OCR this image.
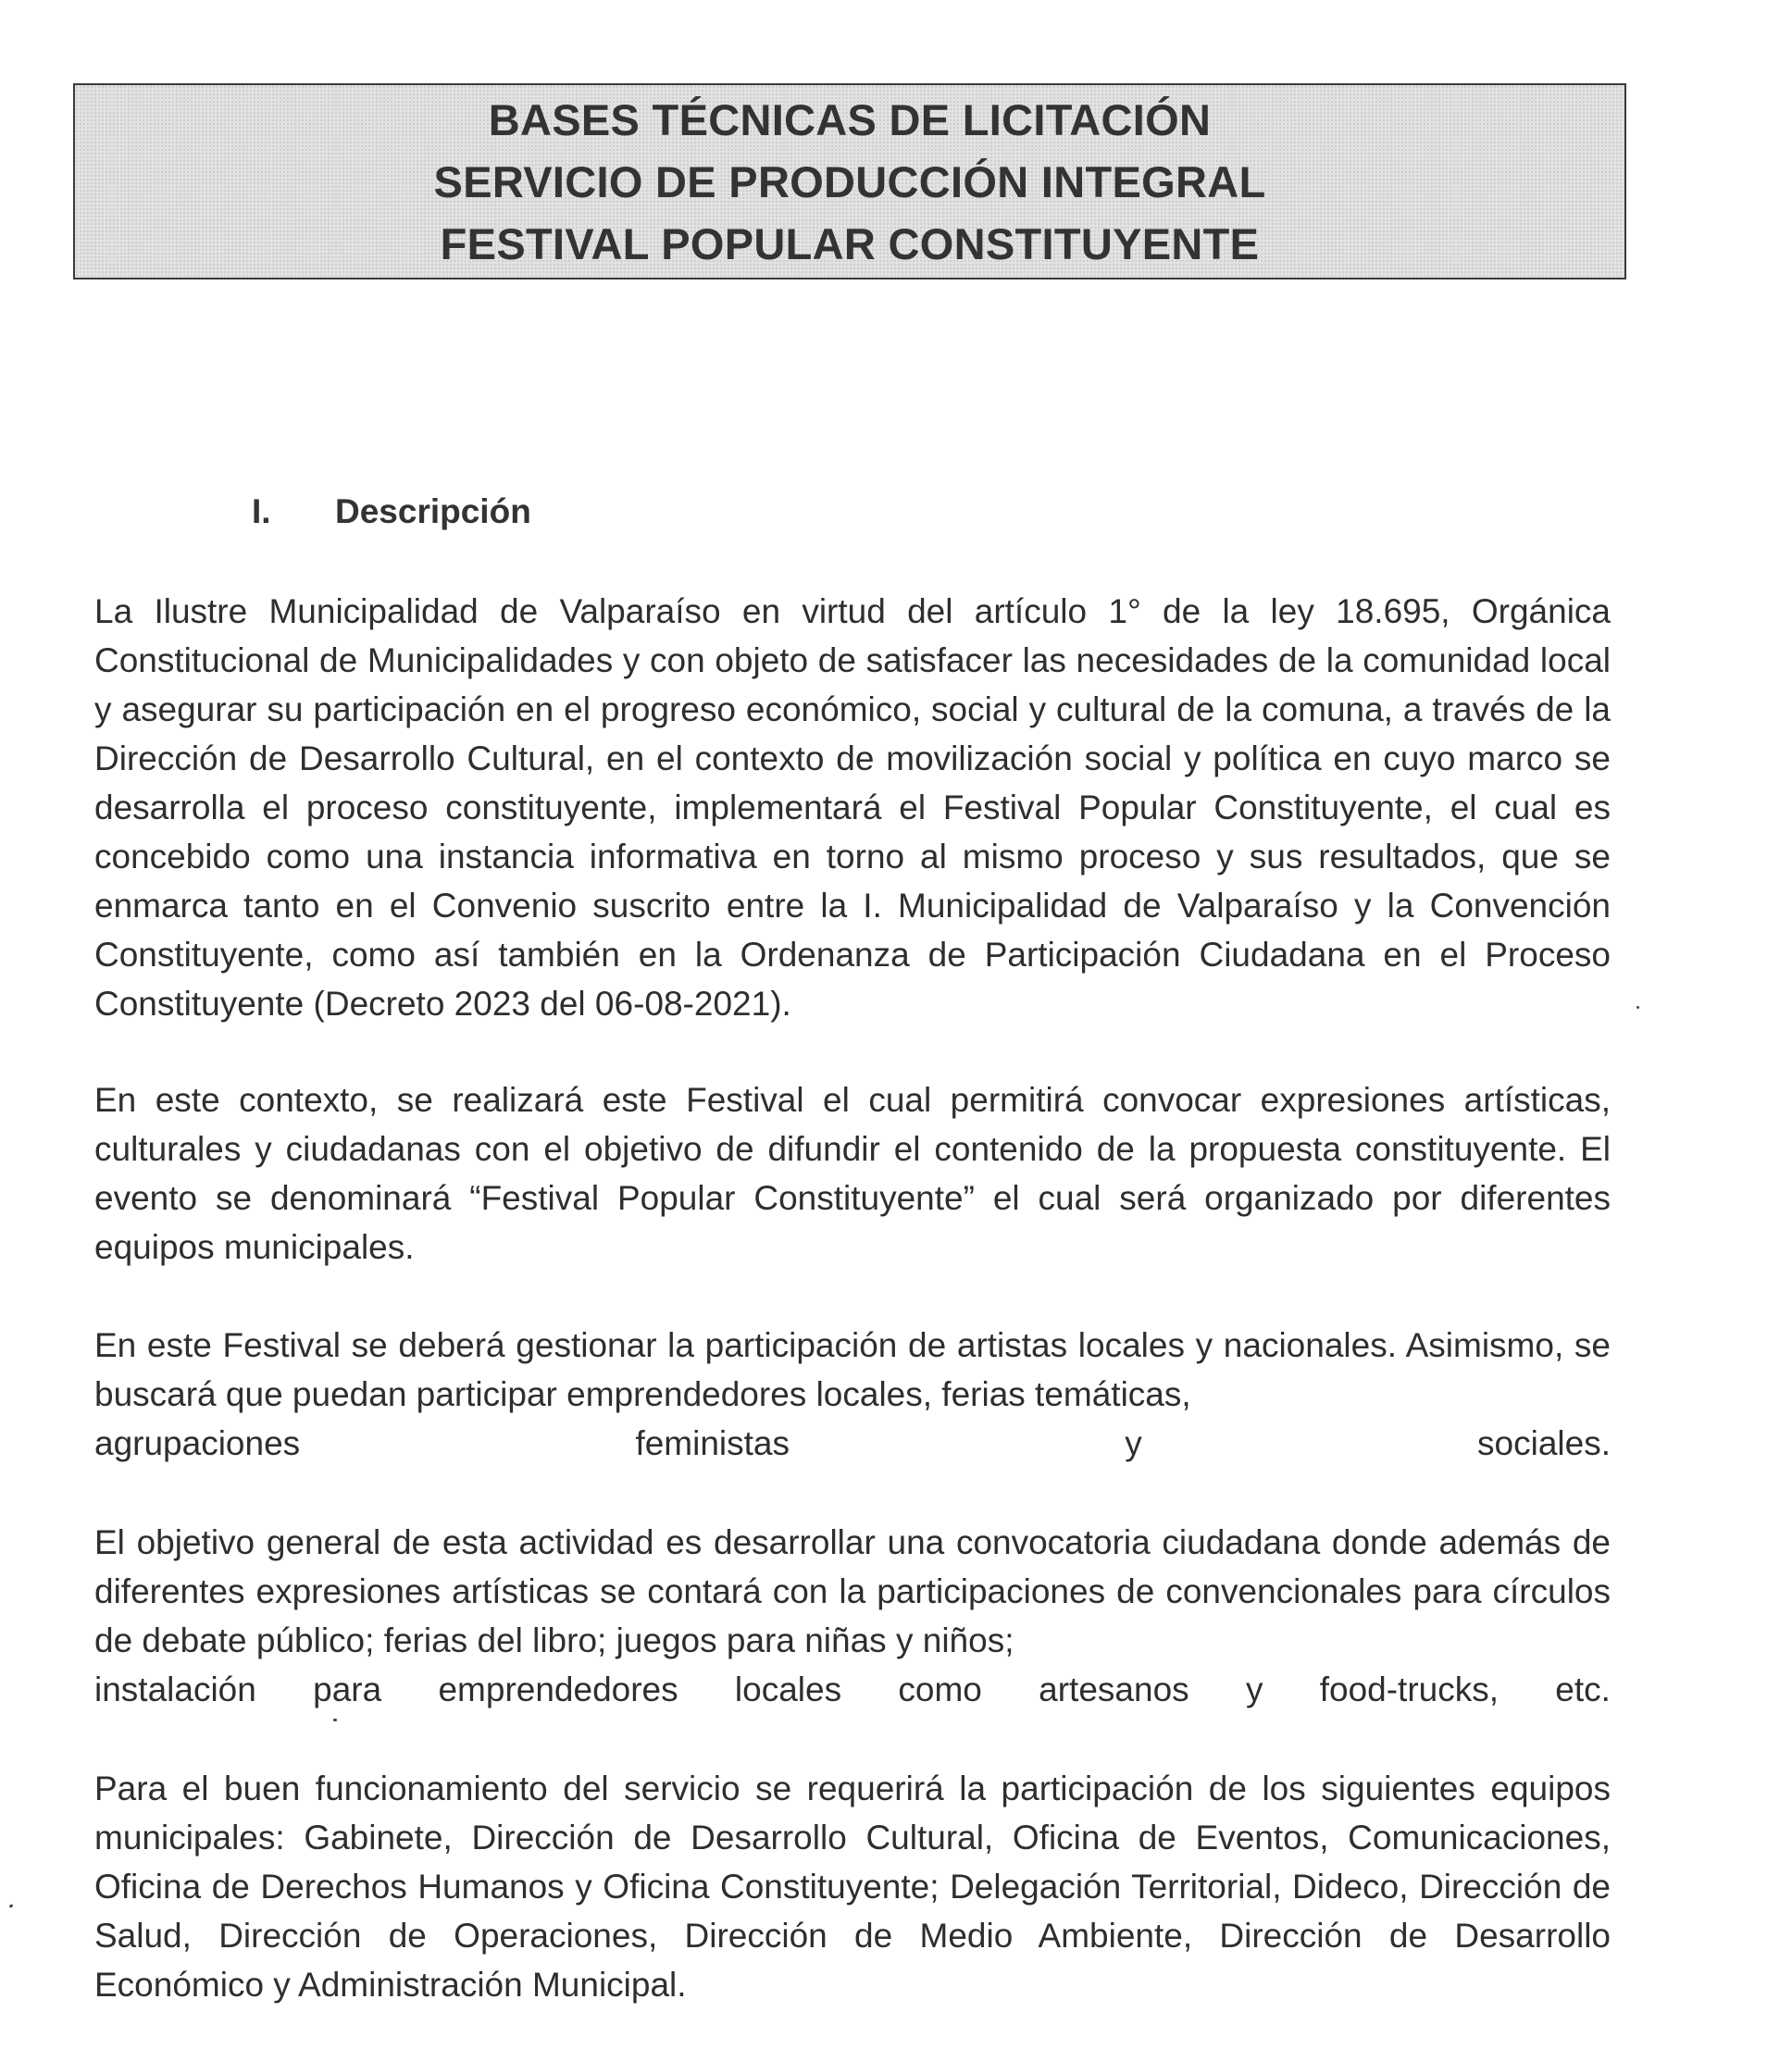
BASES TÉCNICAS DE LICITACIÓN
SERVICIO DE PRODUCCIÓN INTEGRAL
FESTIVAL POPULAR CONSTITUYENTE
I. Descripción

La Ilustre Municipalidad de Valparaíso en virtud del artículo 1° de la ley 18.695, Orgánica Constitucional de Municipalidades y con objeto de satisfacer las necesidades de la comunidad local y asegurar su participación en el progreso económico, social y cultural de la comuna, a través de la Dirección de Desarrollo Cultural, en el contexto de movilización social y política en cuyo marco se desarrolla el proceso constituyente, implementará el Festival Popular Constituyente, el cual es concebido como una instancia informativa en torno al mismo proceso y sus resultados, que se enmarca tanto en el Convenio suscrito entre la I. Municipalidad de Valparaíso y la Convención Constituyente, como así también en la Ordenanza de Participación Ciudadana en el Proceso Constituyente (Decreto 2023 del 06-08-2021).

En este contexto, se realizará este Festival el cual permitirá convocar expresiones artísticas, culturales y ciudadanas con el objetivo de difundir el contenido de la propuesta constituyente. El evento se denominará “Festival Popular Constituyente” el cual será organizado por diferentes equipos municipales.

En este Festival se deberá gestionar la participación de artistas locales y nacionales. Asimismo, se buscará que puedan participar emprendedores locales, ferias temáticas,
agrupaciones	feministas	y	sociales.
El objetivo general de esta actividad es desarrollar una convocatoria ciudadana donde además de diferentes expresiones artísticas se contará con la participaciones de convencionales para círculos de debate público; ferias del libro; juegos para niñas y niños;
instalación para emprendedores locales como artesanos y food-trucks, etc.

Para el buen funcionamiento del servicio se requerirá la participación de los siguientes equipos municipales: Gabinete, Dirección de Desarrollo Cultural, Oficina de Eventos, Comunicaciones, Oficina de Derechos Humanos y Oficina Constituyente; Delegación Territorial, Dideco, Dirección de Salud, Dirección de Operaciones, Dirección de Medio Ambiente, Dirección de Desarrollo Económico y Administración Municipal.
